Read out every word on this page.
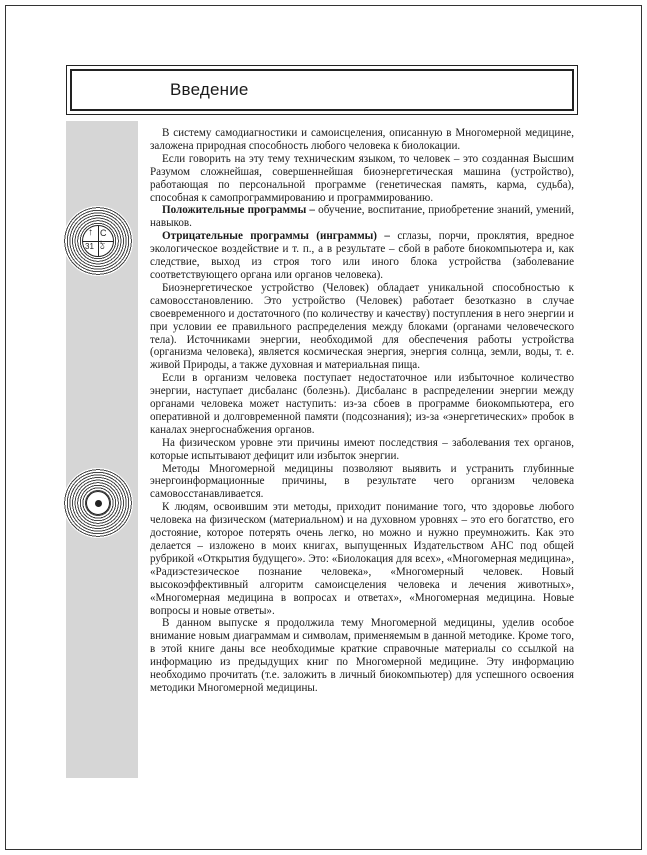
Введение
↑ С
31 ঠ

В систему самодиагностики и самоисцеления, описанную в Многомерной медицине, заложена природная способность любого человека к биолокации.

Если говорить на эту тему техническим языком, то человек – это созданная Высшим Разумом сложнейшая, совершеннейшая биоэнергетическая машина (устройство), работающая по персональной программе (генетическая память, карма, судьба), способная к самопрограммированию и программированию.

Положительные программы – обучение, воспитание, приобретение знаний, умений, навыков.

Отрицательные программы (инграммы) – сглазы, порчи, проклятия, вредное экологическое воздействие и т. п., а в результате – сбой в работе биокомпьютера и, как следствие, выход из строя того или иного блока устройства (заболевание соответствующего органа или органов человека).

Биоэнергетическое устройство (Человек) обладает уникальной способностью к самовосстановлению. Это устройство (Человек) работает безотказно в случае своевременного и достаточного (по количеству и качеству) поступления в него энергии и при условии ее правильного распределения между блоками (органами человеческого тела). Источниками энергии, необходимой для обеспечения работы устройства (организма человека), является космическая энергия, энергия солнца, земли, воды, т. е. живой Природы, а также духовная и материальная пища.

Если в организм человека поступает недостаточное или избыточное количество энергии, наступает дисбаланс (болезнь). Дисбаланс в распределении энергии между органами человека может наступить: из-за сбоев в программе биокомпьютера, его оперативной и долговременной памяти (подсознания); из-за «энергетических» пробок в каналах энергоснабжения органов.

На физическом уровне эти причины имеют последствия – заболевания тех органов, которые испытывают дефицит или избыток энергии.

Методы Многомерной медицины позволяют выявить и устранить глубинные энергоинформационные причины, в результате чего организм человека самовосстанавливается.

К людям, освоившим эти методы, приходит понимание того, что здоровье любого человека на физическом (материальном) и на духовном уровнях – это его богатство, его достояние, которое потерять очень легко, но можно и нужно преумножить. Как это делается – изложено в моих книгах, выпущенных Издательством АНС под общей рубрикой «Открытия будущего». Это: «Биолокация для всех», «Многомерная медицина», «Радиэстезическое познание человека», «Многомерный человек. Новый высокоэффективный алгоритм самоисцеления человека и лечения животных», «Многомерная медицина в вопросах и ответах», «Многомерная медицина. Новые вопросы и новые ответы».

В данном выпуске я продолжила тему Многомерной медицины, уделив особое внимание новым диаграммам и символам, применяемым в данной методике. Кроме того, в этой книге даны все необходимые краткие справочные материалы со ссылкой на информацию из предыдущих книг по Многомерной медицине. Эту информацию необходимо прочитать (т.е. заложить в личный биокомпьютер) для успешного освоения методики Многомерной медицины.
